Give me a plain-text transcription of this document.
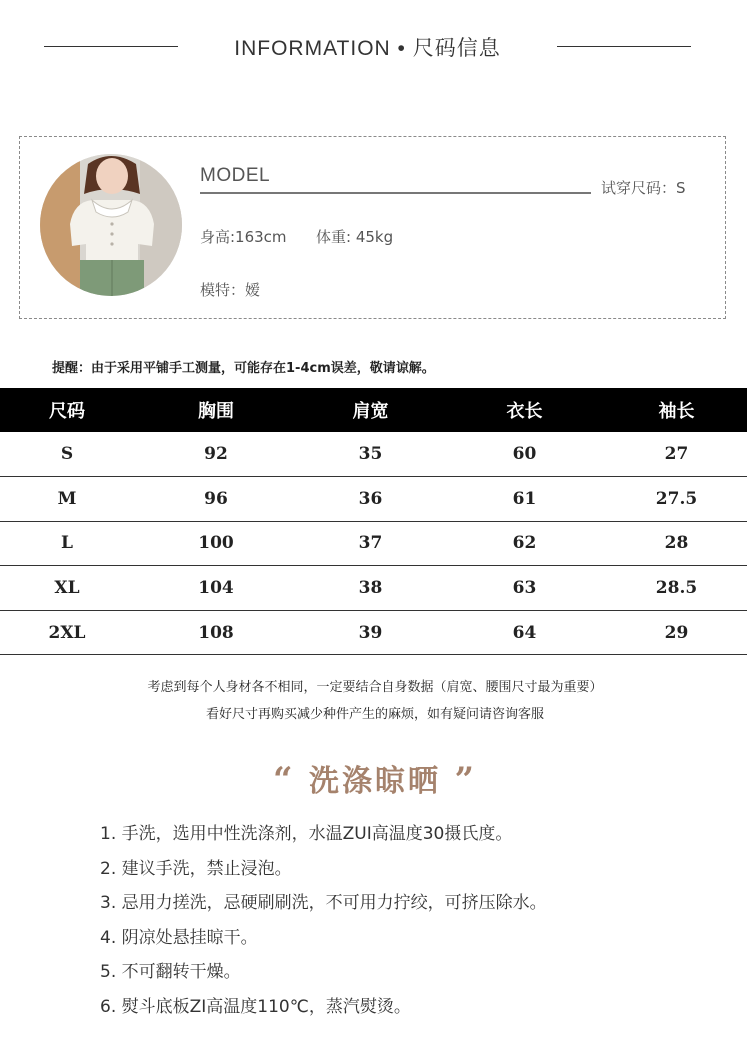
INFORMATION • 尺码信息
MODEL
试穿尺码：S
身高:163cm 体重: 45kg
模特：嫒
提醒：由于采用平铺手工测量，可能存在1-4cm误差，敬请谅解。
尺码	胸围	肩宽	衣长	袖长
S	92	35	60	27
M	96	36	61	27.5
L	100	37	62	28
XL	104	38	63	28.5
2XL	108	39	64	29
考虑到每个人身材各不相同，一定要结合自身数据（肩宽、腰围尺寸最为重要）
看好尺寸再购买减少种件产生的麻烦，如有疑问请咨询客服
“ 洗涤晾晒 ”
1. 手洗，选用中性洗涤剂，水温ZUI高温度30摄氏度。
2. 建议手洗，禁止浸泡。
3. 忌用力搓洗，忌硬刷刷洗，不可用力拧绞，可挤压除水。
4. 阴凉处悬挂晾干。
5. 不可翻转干燥。
6. 熨斗底板ZI高温度110℃，蒸汽熨烫。
